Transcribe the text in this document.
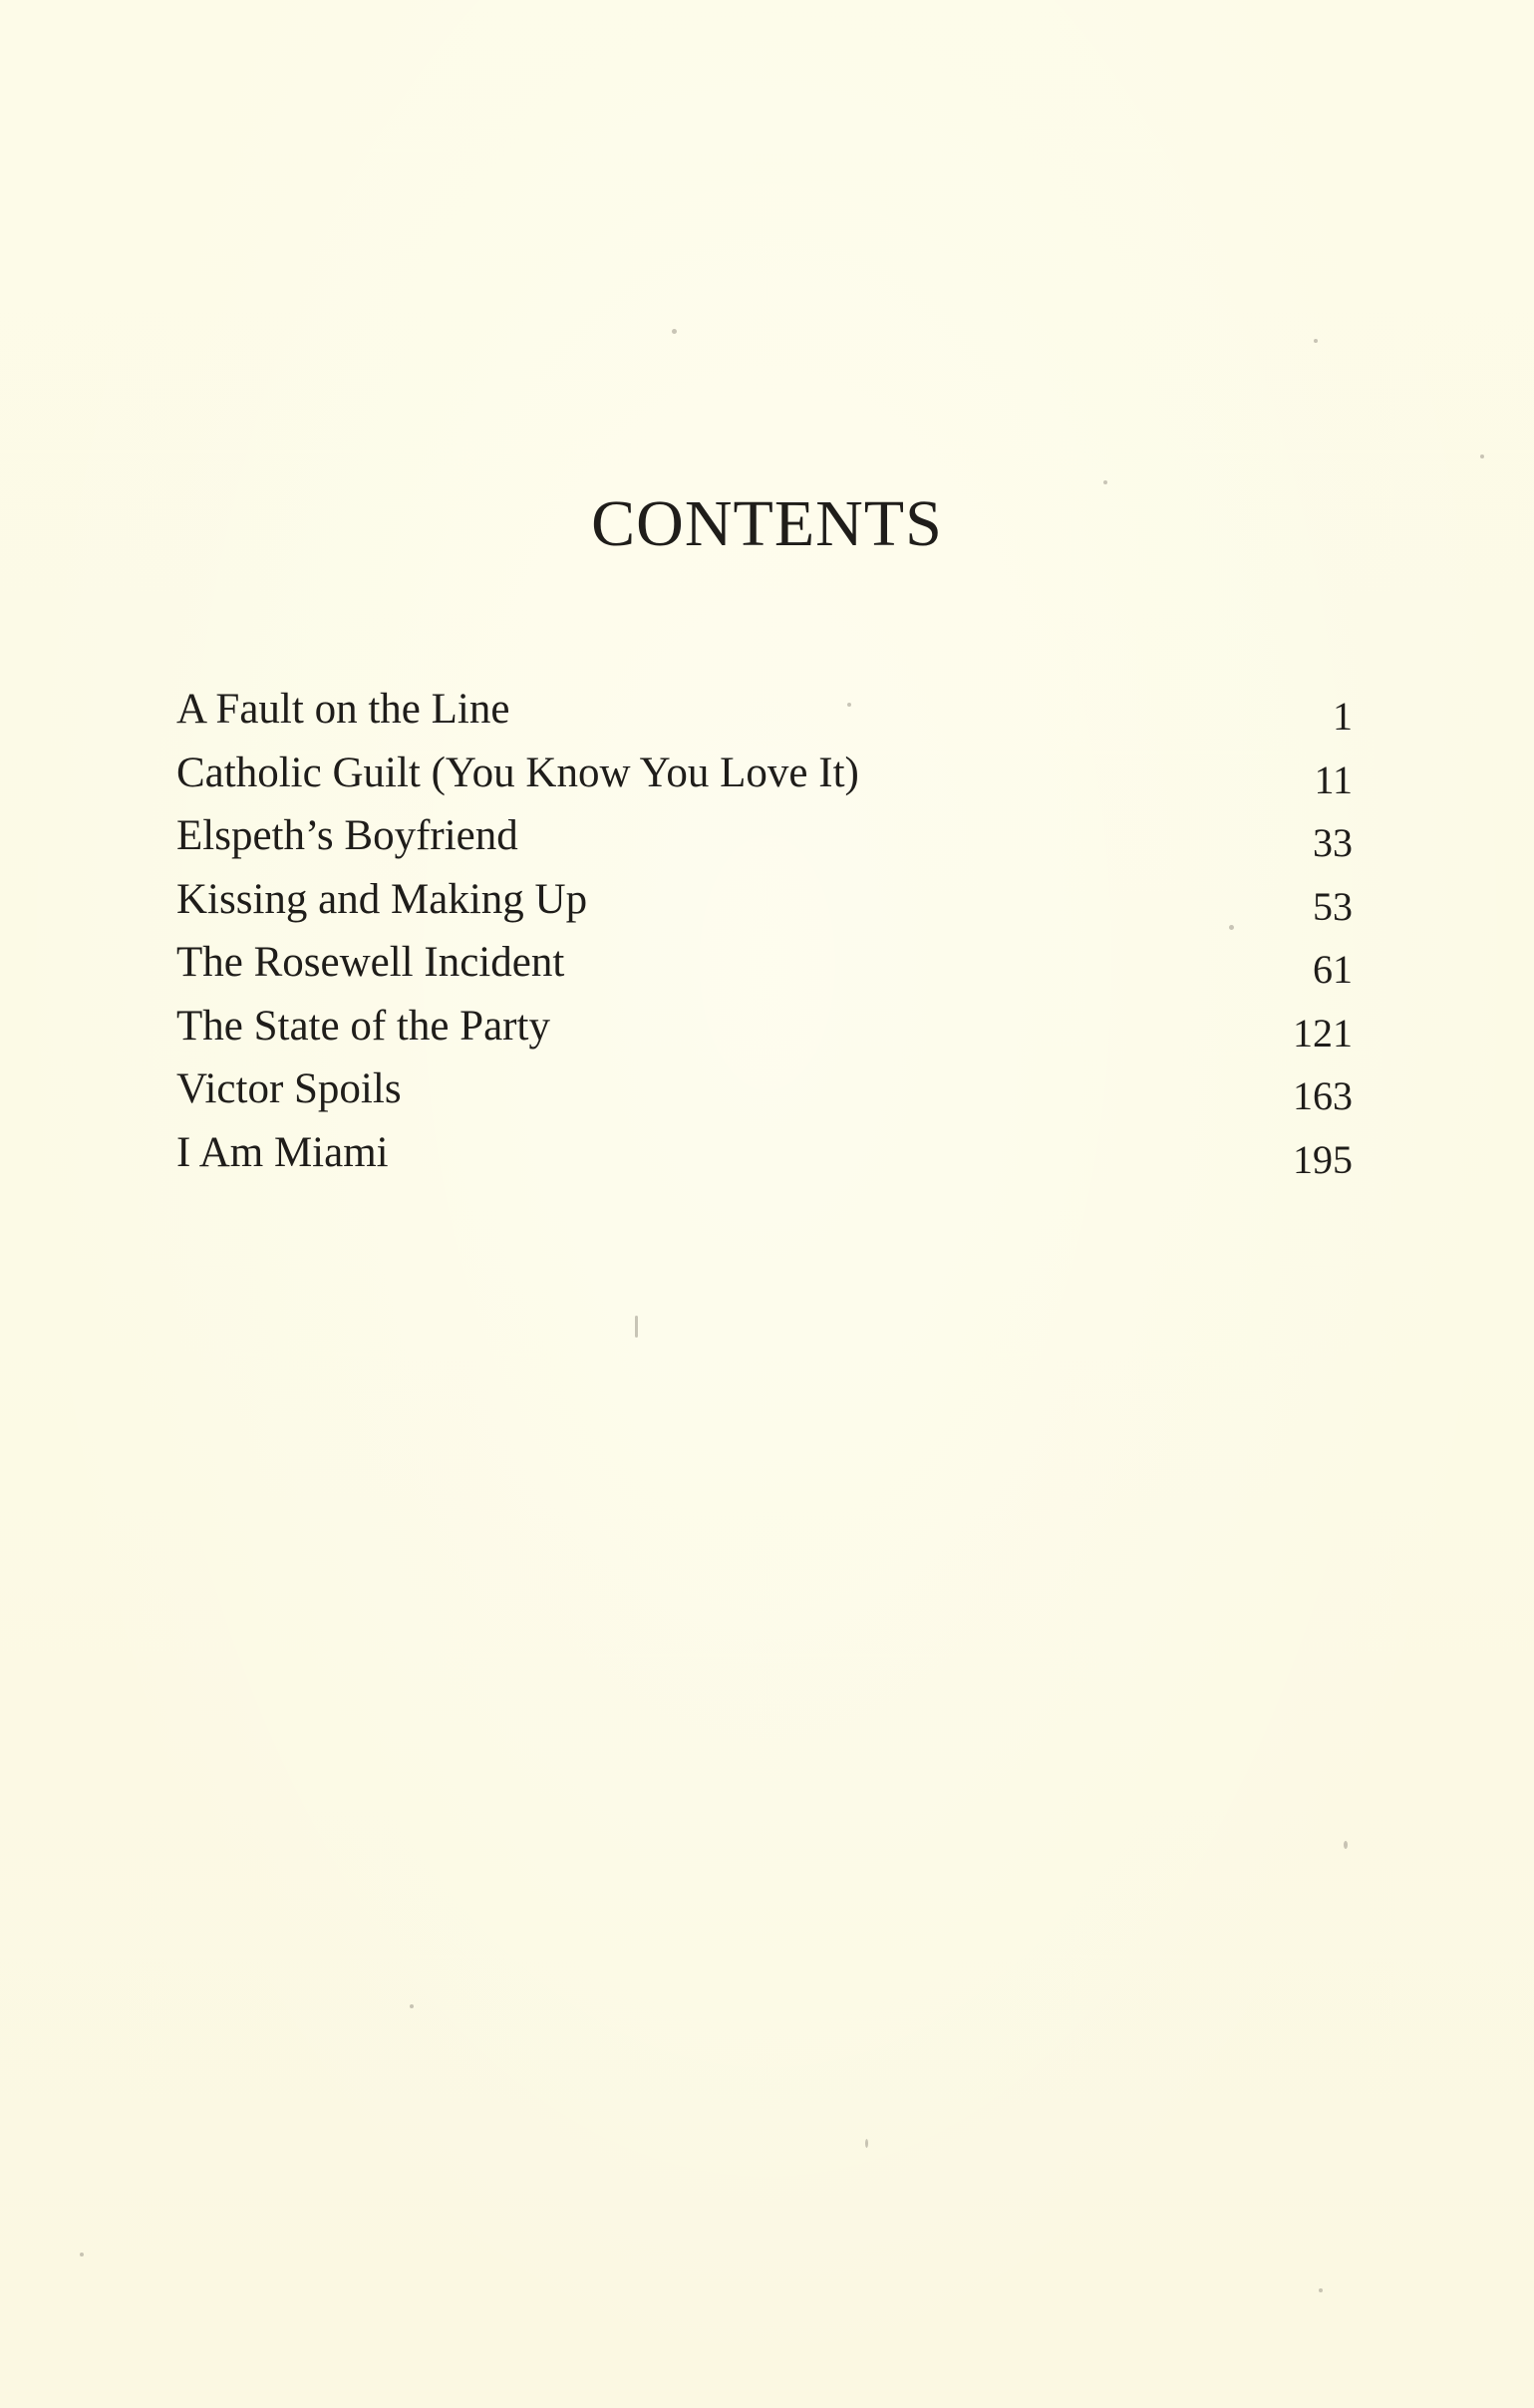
CONTENTS
A Fault on the Line	1
Catholic Guilt (You Know You Love It)	11
Elspeth’s Boyfriend	33
Kissing and Making Up	53
The Rosewell Incident	61
The State of the Party	121
Victor Spoils	163
I Am Miami	195
